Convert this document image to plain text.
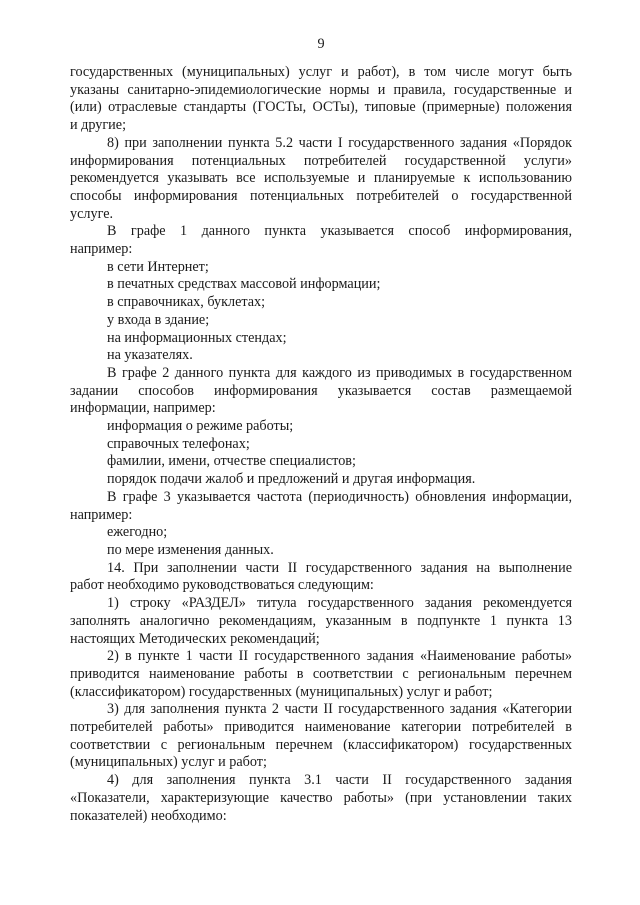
9
государственных (муниципальных) услуг и работ), в том числе могут быть
указаны санитарно-эпидемиологические нормы и правила, государственные и
(или) отраслевые стандарты (ГОСТы, ОСТы), типовые (примерные) положения
и другие;
8) при заполнении пункта 5.2 части I государственного задания «Порядок
информирования потенциальных потребителей государственной услуги»
рекомендуется указывать все используемые и планируемые к использованию
способы информирования потенциальных потребителей о государственной
услуге.
В графе 1 данного пункта указывается способ информирования,
например:
в сети Интернет;
в печатных средствах массовой информации;
в справочниках, буклетах;
у входа в здание;
на информационных стендах;
на указателях.
В графе 2 данного пункта для каждого из приводимых в государственном
задании способов информирования указывается состав размещаемой
информации, например:
информация о режиме работы;
справочных телефонах;
фамилии, имени, отчестве специалистов;
порядок подачи жалоб и предложений и другая информация.
В графе 3 указывается частота (периодичность) обновления информации,
например:
ежегодно;
по мере изменения данных.
14. При заполнении части II государственного задания на выполнение
работ необходимо руководствоваться следующим:
1) строку «РАЗДЕЛ» титула государственного задания рекомендуется
заполнять аналогично рекомендациям, указанным в подпункте 1 пункта 13
настоящих Методических рекомендаций;
2) в пункте 1 части II государственного задания «Наименование работы»
приводится наименование работы в соответствии с региональным перечнем
(классификатором) государственных (муниципальных) услуг и работ;
3) для заполнения пункта 2 части II государственного задания «Категории
потребителей работы» приводится наименование категории потребителей в
соответствии с региональным перечнем (классификатором) государственных
(муниципальных) услуг и работ;
4) для заполнения пункта 3.1 части II государственного задания
«Показатели, характеризующие качество работы» (при установлении таких
показателей) необходимо:
